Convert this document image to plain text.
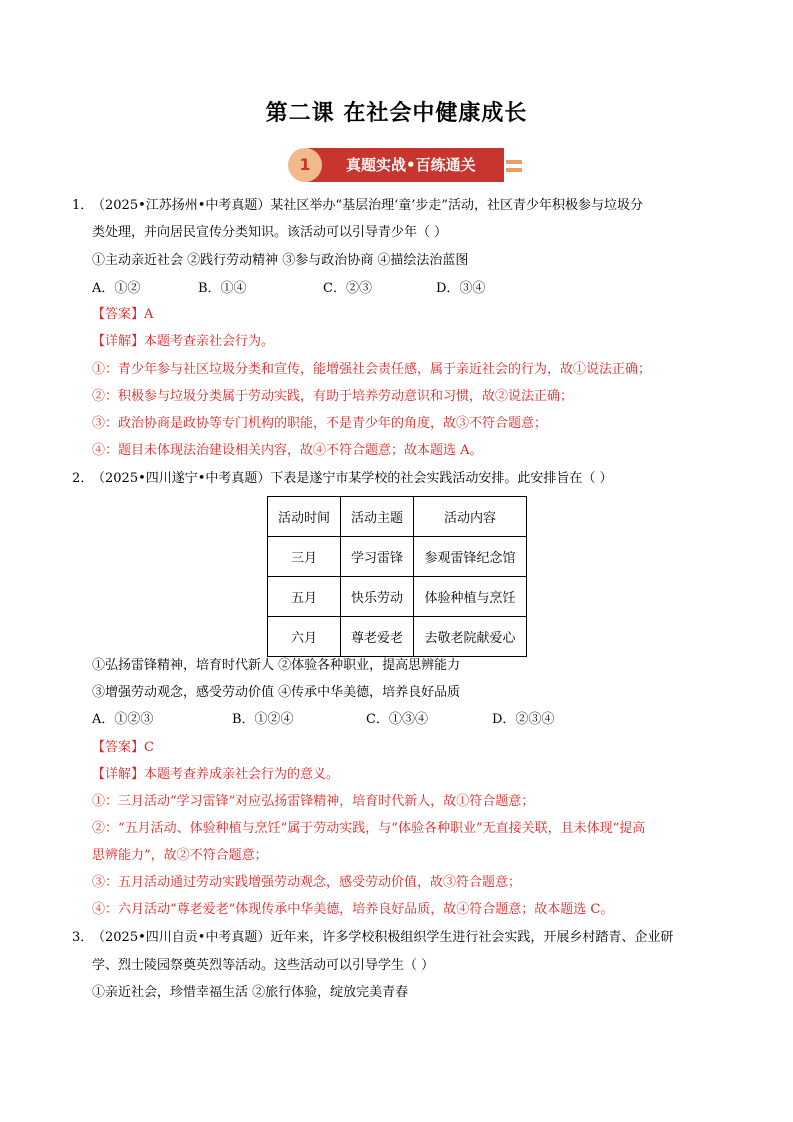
第二课 在社会中健康成长
真题实战•百练通关
1
1．
（2025•江苏扬州•中考真题）某社区举办“基层治理‘童’步走”活动，社区青少年积极参与垃圾分
类处理，并向居民宣传分类知识。该活动可以引导青少年（ ）
①主动亲近社会 ②践行劳动精神 ③参与政治协商 ④描绘法治蓝图
A．①②	B．①④	C．②③	D．③④
【答案】A
【详解】本题考查亲社会行为。
①：青少年参与社区垃圾分类和宣传，能增强社会责任感，属于亲近社会的行为，故①说法正确；
②：积极参与垃圾分类属于劳动实践，有助于培养劳动意识和习惯，故②说法正确；
③：政治协商是政协等专门机构的职能，不是青少年的角度，故③不符合题意；
④：题目未体现法治建设相关内容，故④不符合题意；故本题选 A。
2．
（2025•四川遂宁•中考真题）下表是遂宁市某学校的社会实践活动安排。此安排旨在（ ）
活动时间	活动主题	活动内容
三月	学习雷锋	参观雷锋纪念馆
五月	快乐劳动	体验种植与烹饪
六月	尊老爱老	去敬老院献爱心
①弘扬雷锋精神，培育时代新人 ②体验各种职业，提高思辨能力
③增强劳动观念，感受劳动价值 ④传承中华美德，培养良好品质
A．①②③	B．①②④	C．①③④	D．②③④
【答案】C
【详解】本题考查养成亲社会行为的意义。
①：三月活动“学习雷锋”对应弘扬雷锋精神，培育时代新人，故①符合题意；
②：“五月活动、体验种植与烹饪”属于劳动实践，与“体验各种职业”无直接关联，且未体现“提高
思辨能力”，故②不符合题意；
③：五月活动通过劳动实践增强劳动观念，感受劳动价值，故③符合题意；
④：六月活动“尊老爱老”体现传承中华美德，培养良好品质，故④符合题意；故本题选 C。
3．
（2025•四川自贡•中考真题）近年来，许多学校积极组织学生进行社会实践，开展乡村踏青、企业研
学、烈士陵园祭奠英烈等活动。这些活动可以引导学生（ ）
①亲近社会，珍惜幸福生活 ②旅行体验，绽放完美青春
